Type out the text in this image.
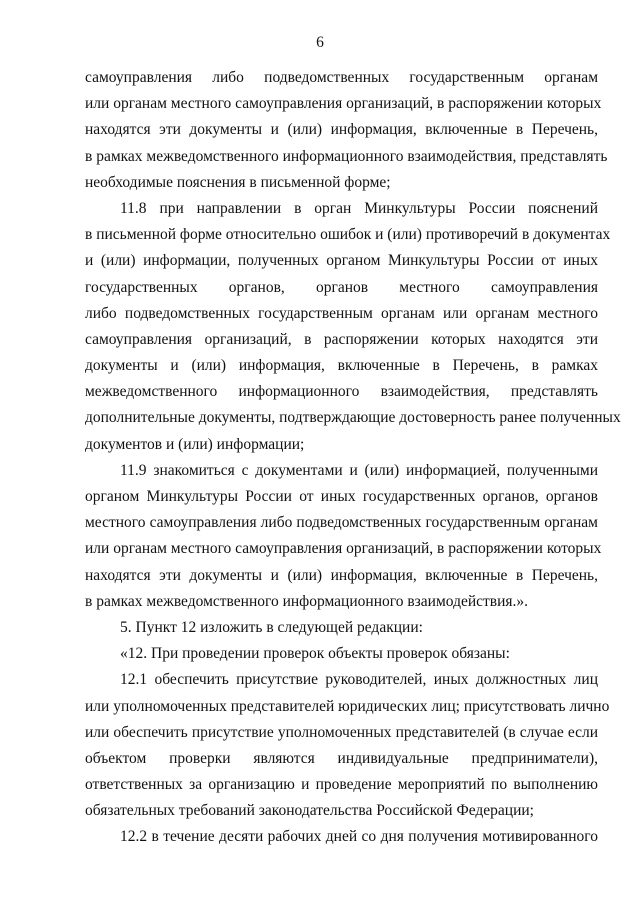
6
самоуправления либо подведомственных государственным органам
или органам местного самоуправления организаций, в распоряжении которых
находятся эти документы и (или) информация, включенные в Перечень,
в рамках межведомственного информационного взаимодействия, представлять
необходимые пояснения в письменной форме;
11.8 при направлении в орган Минкультуры России пояснений
в письменной форме относительно ошибок и (или) противоречий в документах
и (или) информации, полученных органом Минкультуры России от иных
государственных органов, органов местного самоуправления
либо подведомственных государственным органам или органам местного
самоуправления организаций, в распоряжении которых находятся эти
документы и (или) информация, включенные в Перечень, в рамках
межведомственного информационного взаимодействия, представлять
дополнительные документы, подтверждающие достоверность ранее полученных
документов и (или) информации;
11.9 знакомиться с документами и (или) информацией, полученными
органом Минкультуры России от иных государственных органов, органов
местного самоуправления либо подведомственных государственным органам
или органам местного самоуправления организаций, в распоряжении которых
находятся эти документы и (или) информация, включенные в Перечень,
в рамках межведомственного информационного взаимодействия.».
5. Пункт 12 изложить в следующей редакции:
«12. При проведении проверок объекты проверок обязаны:
12.1 обеспечить присутствие руководителей, иных должностных лиц
или уполномоченных представителей юридических лиц; присутствовать лично
или обеспечить присутствие уполномоченных представителей (в случае если
объектом проверки являются индивидуальные предприниматели),
ответственных за организацию и проведение мероприятий по выполнению
обязательных требований законодательства Российской Федерации;
12.2 в течение десяти рабочих дней со дня получения мотивированного
